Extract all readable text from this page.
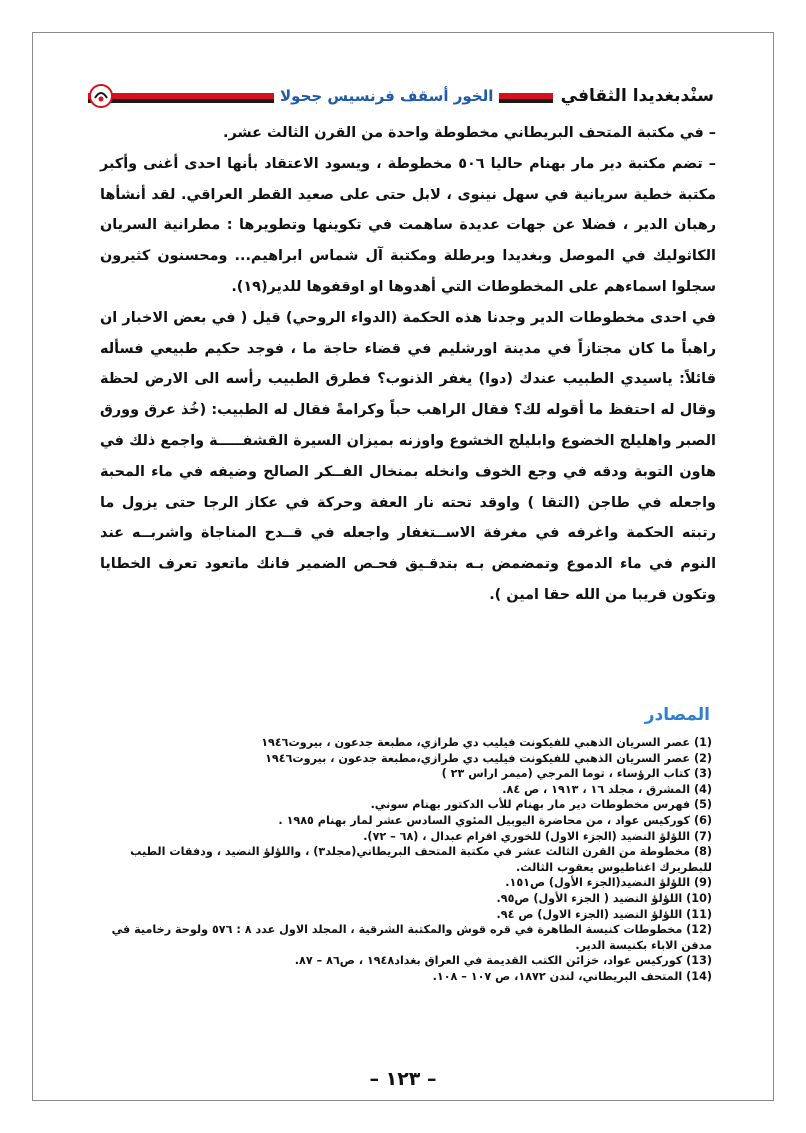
الخور أسقف فرنسيس جحولا	سنْدبغديدا الثقافي

– في مكتبة المتحف البريطاني مخطوطة واحدة من القرن الثالث عشر.

– تضم مكتبة دير مار بهنام حاليا ٥٠٦ مخطوطة ، ويسود الاعتقاد بأنها احدى أغنى وأكبر مكتبة خطية سريانية في سهل نينوى ، لابل حتى على صعيد القطر العراقي. لقد أنشأها رهبان الدير ، فضلا عن جهات عديدة ساهمت في تكوينها وتطويرها : مطرانية السريان الكاثوليك في الموصل وبغديدا وبرطلة ومكتبة آل شماس ابراهيم... ومحسنون كثيرون سجلوا اسماءهم على المخطوطات التي أهدوها او اوقفوها للدير(١٩).

في احدى مخطوطات الدير وجدنا هذه الحكمة (الدواء الروحي) قيل ( في بعض الاخبار ان راهباً ما كان مجتازاً في مدينة اورشليم في قضاء حاجة ما ، فوجد حكيم طبيعي فسأله قائلاً: ياسيدي الطبيب عندك (دوا) يغفر الذنوب؟ فطرق الطبيب رأسه الى الارض لحظة وقال له احتفظ ما أقوله لك؟ فقال الراهب حباً وكرامةً فقال له الطبيب: (خُذ عرق وورق الصبر واهليلج الخضوع وابليلج الخشوع واوزنه بميزان السيرة القشفـــــة واجمع ذلك في هاون التوبة ودقه في وجع الخوف وانخله بمنخال الفــكر الصالح وضيفه في ماء المحبة واجعله في طاجن (التقا ) واوقد تحته نار العفة وحركة في عكاز الرجا حتى يزول ما رتبته الحكمة واغرفه في مغرفة الاســتغفار واجعله في قــدح المناجاة واشربــه عند النوم في ماء الدموع وتمضمض بـه بتدقـيق فحـص الضمير فانك ماتعود تعرف الخطايا وتكون قريبا من الله حقا امين ).

المصادر
(1) عصر السريان الذهبي للفيكونت فيليب دي طرازي، مطبعة جدعون ، بيروت١٩٤٦
(2) عصر السريان الذهبي للفيكونت فيليب دي طرازي،مطبعة جدعون ، بيروت١٩٤٦
(3) كتاب الرؤساء ، توما المرجي (ميمر اراس ٢٣ )
(4) المشرق ، مجلد ١٦ ، ١٩١٣ ، ص ٨٤.
(5) فهرس مخطوطات دير مار بهنام للأب الدكتور بهنام سوني.
(6) كوركيس عواد ، من محاضرة اليوبيل المئوي السادس عشر لمار بهنام ١٩٨٥ .
(7) اللؤلؤ النضيد (الجزء الاول) للخوري افرام عبدال ، (٦٨ – ٧٢).
(8) مخطوطة من القرن الثالث عشر في مكتبة المتحف البريطاني(مجلد٣) ، واللؤلؤ النضيد ، ودفقات الطيب للبطريرك اغناطيوس يعقوب الثالث.
(9) اللؤلؤ النضيد(الجزء الأول) ص١٥١.
(10) اللؤلؤ النضيد ( الجزء الأول) ص٩٥.
(11) اللؤلؤ النضيد (الجزء الاول) ص ٩٤.
(12) مخطوطات كنيسة الطاهرة في قره قوش والمكتبة الشرقية ، المجلد الاول عدد ٨ : ٥٧٦ ولوحة رخامية في مدفن الاباء بكنيسة الدير.
(13) كوركيس عواد، خزائن الكتب القديمة في العراق بغداد١٩٤٨ ، ص٨٦ – ٨٧.
(14) المتحف البريطاني، لندن ١٨٧٢، ص ١٠٧ – ١٠٨.
– ١٢٣ –
